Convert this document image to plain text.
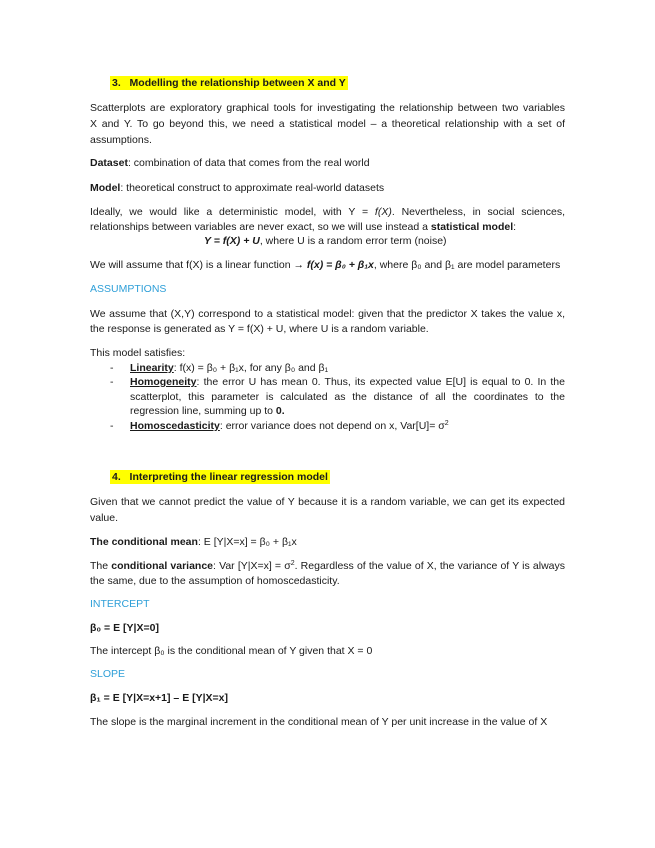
3. Modelling the relationship between X and Y
Scatterplots are exploratory graphical tools for investigating the relationship between two variables
X and Y. To go beyond this, we need a statistical model – a theoretical relationship with a set of
assumptions.
Dataset: combination of data that comes from the real world
Model: theoretical construct to approximate real-world datasets
Ideally, we would like a deterministic model, with Y = f(X). Nevertheless, in social sciences,
relationships between variables are never exact, so we will use instead a statistical model:
Y = f(X) + U, where U is a random error term (noise)
We will assume that f(X) is a linear function → f(x) = β₀ + β₁x, where β₀ and β₁ are model parameters
ASSUMPTIONS
We assume that (X,Y) correspond to a statistical model: given that the predictor X takes the value x,
the response is generated as Y = f(X) + U, where U is a random variable.
This model satisfies:
- Linearity: f(x) = β₀ + β₁x, for any β₀ and β₁
- Homogeneity: the error U has mean 0. Thus, its expected value E[U] is equal to 0. In the
scatterplot, this parameter is calculated as the distance of all the coordinates to the
regression line, summing up to 0.
- Homoscedasticity: error variance does not depend on x, $Var[U]= \sigma^2$
4. Interpreting the linear regression model
Given that we cannot predict the value of Y because it is a random variable, we can get its expected
value.
The conditional mean: E [Y|X=x] = β₀ + β₁x
The conditional variance: Var $[Y|X=x] = \sigma^2$. Regardless of the value of X, the variance of Y is always
the same, due to the assumption of homoscedasticity.
INTERCEPT
β₀ = E [Y|X=0]
The intercept β₀ is the conditional mean of Y given that X = 0
SLOPE
β₁ = E [Y|X=x+1] – E [Y|X=x]
The slope is the marginal increment in the conditional mean of Y per unit increase in the value of X
